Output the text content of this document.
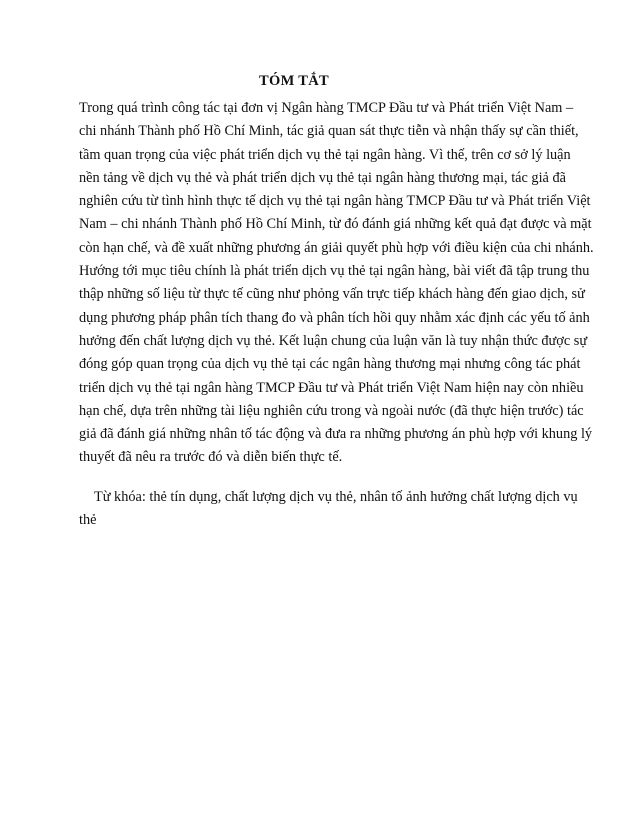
TÓM TẮT
Trong quá trình công tác tại đơn vị Ngân hàng TMCP Đầu tư và Phát triển Việt Nam –
chi nhánh Thành phố Hồ Chí Minh, tác giả quan sát thực tiễn và nhận thấy sự cần thiết,
tầm quan trọng của việc phát triển dịch vụ thẻ tại ngân hàng. Vì thế, trên cơ sở lý luận
nền tảng về dịch vụ thẻ và phát triển dịch vụ thẻ tại ngân hàng thương mại, tác giả đã
nghiên cứu từ tình hình thực tế dịch vụ thẻ tại ngân hàng TMCP Đầu tư và Phát triển Việt
Nam – chi nhánh Thành phố Hồ Chí Minh, từ đó đánh giá những kết quả đạt được và mặt
còn hạn chế, và đề xuất những phương án giải quyết phù hợp với điều kiện của chi nhánh.
Hướng tới mục tiêu chính là phát triển dịch vụ thẻ tại ngân hàng, bài viết đã tập trung thu
thập những số liệu từ thực tế cũng như phỏng vấn trực tiếp khách hàng đến giao dịch, sử
dụng phương pháp phân tích thang đo và phân tích hồi quy nhằm xác định các yếu tố ảnh
hưởng đến chất lượng dịch vụ thẻ. Kết luận chung của luận văn là tuy nhận thức được sự
đóng góp quan trọng của dịch vụ thẻ tại các ngân hàng thương mại nhưng công tác phát
triển dịch vụ thẻ tại ngân hàng TMCP Đầu tư và Phát triển Việt Nam hiện nay còn nhiều
hạn chế, dựa trên những tài liệu nghiên cứu trong và ngoài nước (đã thực hiện trước) tác
giả đã đánh giá những nhân tố tác động và đưa ra những phương án phù hợp với khung lý
thuyết đã nêu ra trước đó và diễn biến thực tế.
Từ khóa: thẻ tín dụng, chất lượng dịch vụ thẻ, nhân tố ảnh hưởng chất lượng dịch vụ
thẻ
